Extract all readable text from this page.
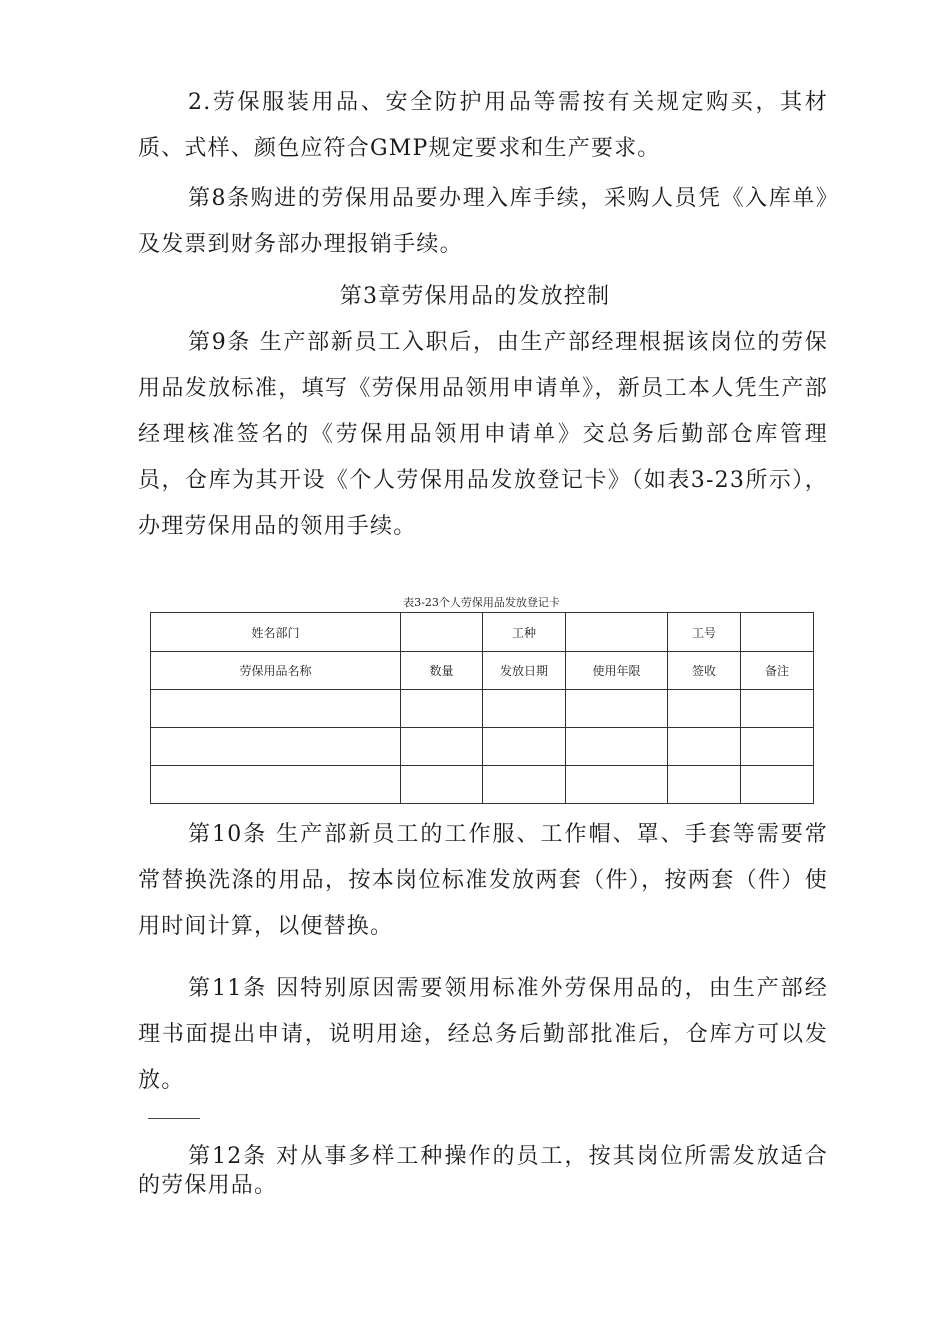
2.劳保服装用品、安全防护用品等需按有关规定购买，其材质、式样、颜色应符合GMP规定要求和生产要求。

第8条购进的劳保用品要办理入库手续，采购人员凭《入库单》及发票到财务部办理报销手续。

第3章劳保用品的发放控制

第9条 生产部新员工入职后，由生产部经理根据该岗位的劳保用品发放标准，填写《劳保用品领用申请单》，新员工本人凭生产部经理核准签名的《劳保用品领用申请单》交总务后勤部仓库管理员，仓库为其开设《个人劳保用品发放登记卡》（如表3-23所示），办理劳保用品的领用手续。

表3-23个人劳保用品发放登记卡

姓名部门		工种		工号	
劳保用品名称	数量	发放日期	使用年限	签收	备注

第10条 生产部新员工的工作服、工作帽、罩、手套等需要常常替换洗涤的用品，按本岗位标准发放两套（件），按两套（件）使用时间计算，以便替换。

第11条 因特别原因需要领用标准外劳保用品的，由生产部经理书面提出申请，说明用途，经总务后勤部批准后，仓库方可以发放。

第12条 对从事多样工种操作的员工，按其岗位所需发放适合的劳保用品。
